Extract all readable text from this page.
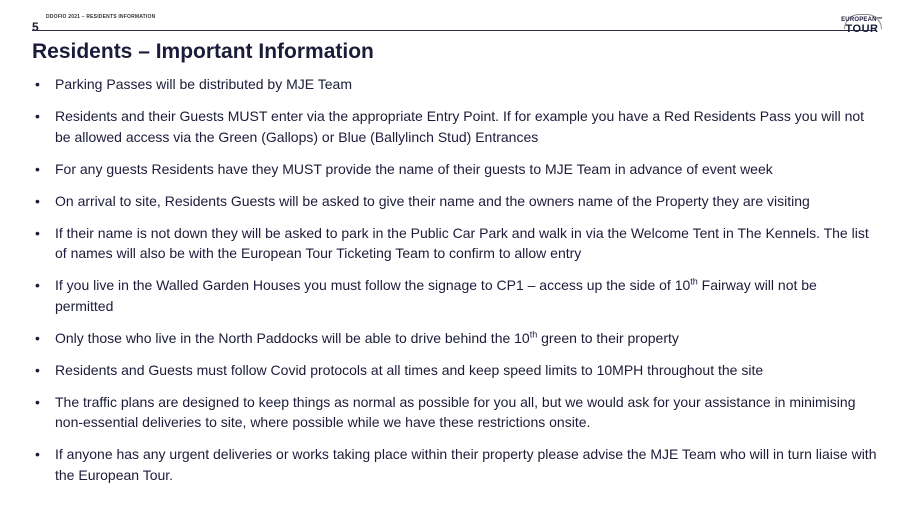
5
DDOFIO 2021 – RESIDENTS INFORMATION	EUROPEAN™
TOUR
Residents – Important Information
• Parking Passes will be distributed by MJE Team
• Residents and their Guests MUST enter via the appropriate Entry Point. If for example you have a Red Residents Pass you will not be allowed access via the Green (Gallops) or Blue (Ballylinch Stud) Entrances
• For any guests Residents have they MUST provide the name of their guests to MJE Team in advance of event week
• On arrival to site, Residents Guests will be asked to give their name and the owners name of the Property they are visiting
• If their name is not down they will be asked to park in the Public Car Park and walk in via the Welcome Tent in The Kennels. The list of names will also be with the European Tour Ticketing Team to confirm to allow entry
• If you live in the Walled Garden Houses you must follow the signage to CP1 – access up the side of 10th Fairway will not be permitted
• Only those who live in the North Paddocks will be able to drive behind the 10th green to their property
• Residents and Guests must follow Covid protocols at all times and keep speed limits to 10MPH throughout the site
• The traffic plans are designed to keep things as normal as possible for you all, but we would ask for your assistance in minimising non-essential deliveries to site, where possible while we have these restrictions onsite.
• If anyone has any urgent deliveries or works taking place within their property please advise the MJE Team who will in turn liaise with the European Tour.
